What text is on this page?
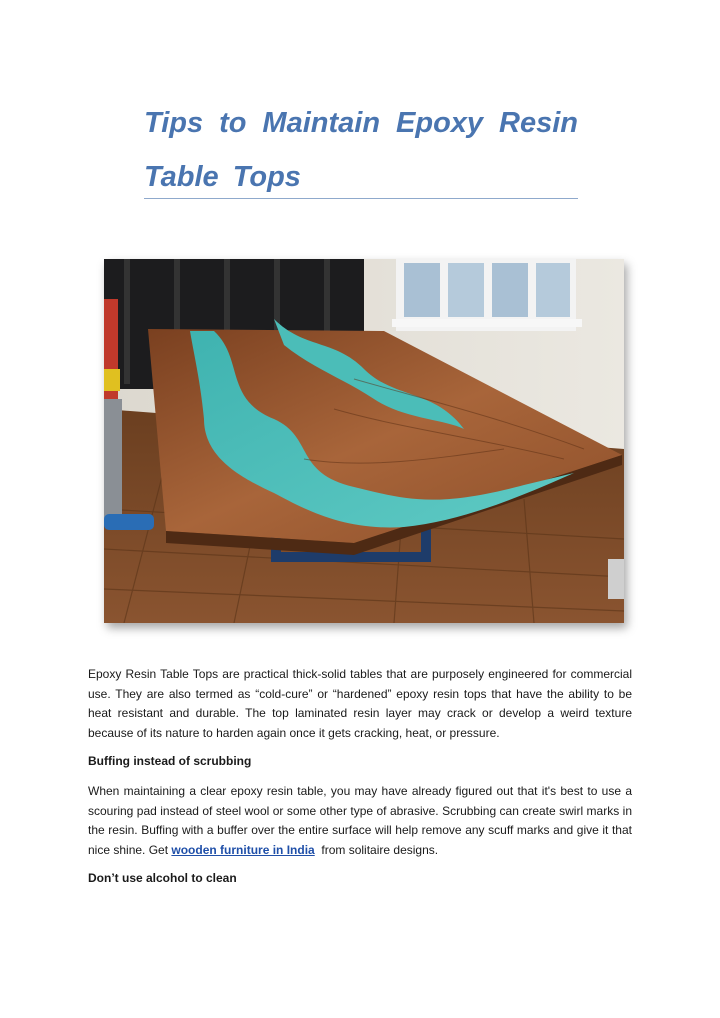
Tips to Maintain Epoxy Resin Table Tops

Epoxy Resin Table Tops are practical thick-solid tables that are purposely engineered for commercial use. They are also termed as “cold-cure” or “hardened” epoxy resin tops that have the ability to be heat resistant and durable. The top laminated resin layer may crack or develop a weird texture because of its nature to harden again once it gets cracking, heat, or pressure.

Buffing instead of scrubbing

When maintaining a clear epoxy resin table, you may have already figured out that it's best to use a scouring pad instead of steel wool or some other type of abrasive. Scrubbing can create swirl marks in the resin. Buffing with a buffer over the entire surface will help remove any scuff marks and give it that nice shine. Get wooden furniture in India  from solitaire designs.

Don’t use alcohol to clean
